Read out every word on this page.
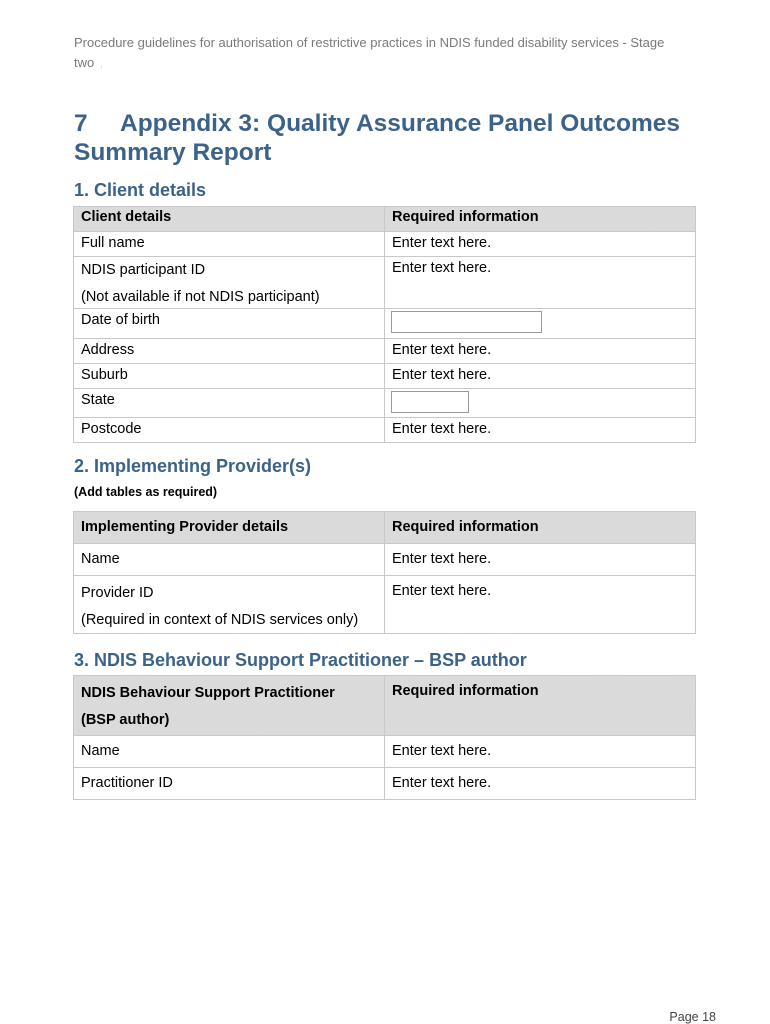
Procedure guidelines for authorisation of restrictive practices in NDIS funded disability services - Stage two ,
7 Appendix 3: Quality Assurance Panel Outcomes Summary Report
1. Client details
Client details	Required information
Full name	Enter text here.

NDIS participant ID
(Not available if not NDIS participant)	Enter text here.
Date of birth	

Address	Enter text here.
Suburb	Enter text here.
State	

Postcode	Enter text here.
2. Implementing Provider(s)
(Add tables as required)
Implementing Provider details	Required information
Name	Enter text here.

Provider ID
(Required in context of NDIS services only)	Enter text here.
3. NDIS Behaviour Support Practitioner – BSP author
NDIS Behaviour Support Practitioner
(BSP author)	Required information
Name	Enter text here.
Practitioner ID	Enter text here.
Page 18
